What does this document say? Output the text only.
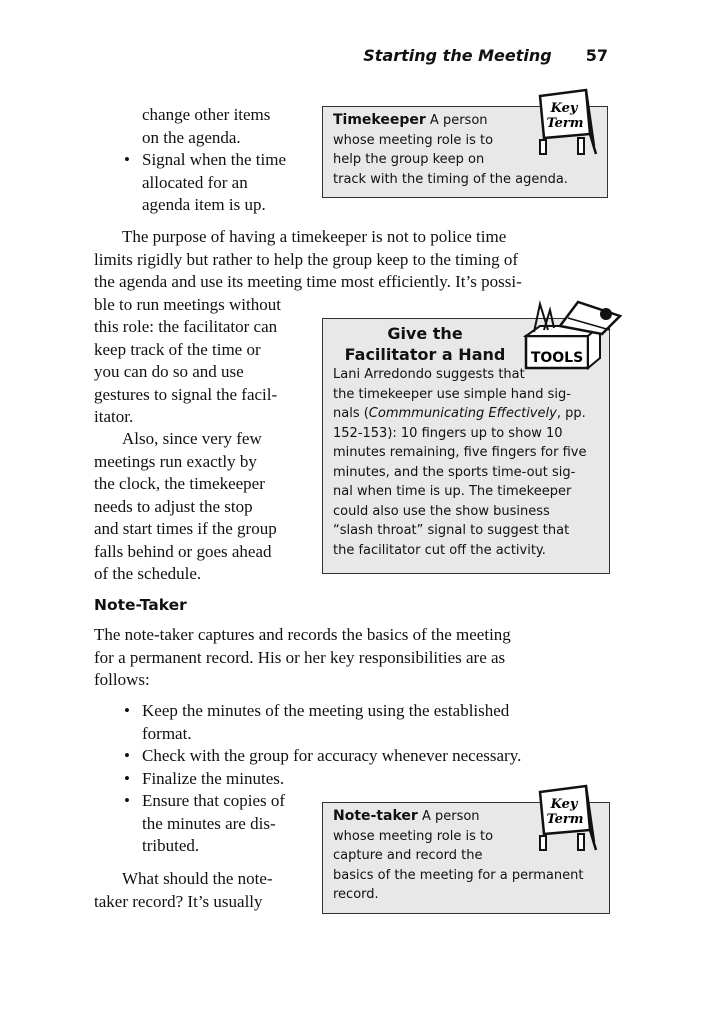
Starting the Meeting 57
change other items
on the agenda.
• Signal when the time
allocated for an
agenda item is up.
Timekeeper A person
whose meeting role is to
help the group keep on
track with the timing of the agenda.
Key
Term
The purpose of having a timekeeper is not to police time
limits rigidly but rather to help the group keep to the timing of
the agenda and use its meeting time most efficiently. It’s possi-
ble to run meetings without
this role: the facilitator can
keep track of the time or
you can do so and use
gestures to signal the facil-
itator.
Also, since very few
meetings run exactly by
the clock, the timekeeper
needs to adjust the stop
and start times if the group
falls behind or goes ahead
of the schedule.
Give the
Facilitator a Hand
Lani Arredondo suggests that
the timekeeper use simple hand sig-
nals (Commmunicating Effectively, pp.
152-153): 10 fingers up to show 10
minutes remaining, five fingers for five
minutes, and the sports time-out sig-
nal when time is up. The timekeeper
could also use the show business
“slash throat” signal to suggest that
the facilitator cut off the activity.
TOOLS
Note-Taker
The note-taker captures and records the basics of the meeting
for a permanent record. His or her key responsibilities are as
follows:
• Keep the minutes of the meeting using the established
format.
• Check with the group for accuracy whenever necessary.
• Finalize the minutes.
• Ensure that copies of
the minutes are dis-
tributed.
What should the note-
taker record? It’s usually
Note-taker A person
whose meeting role is to
capture and record the
basics of the meeting for a permanent
record.
Key
Term
